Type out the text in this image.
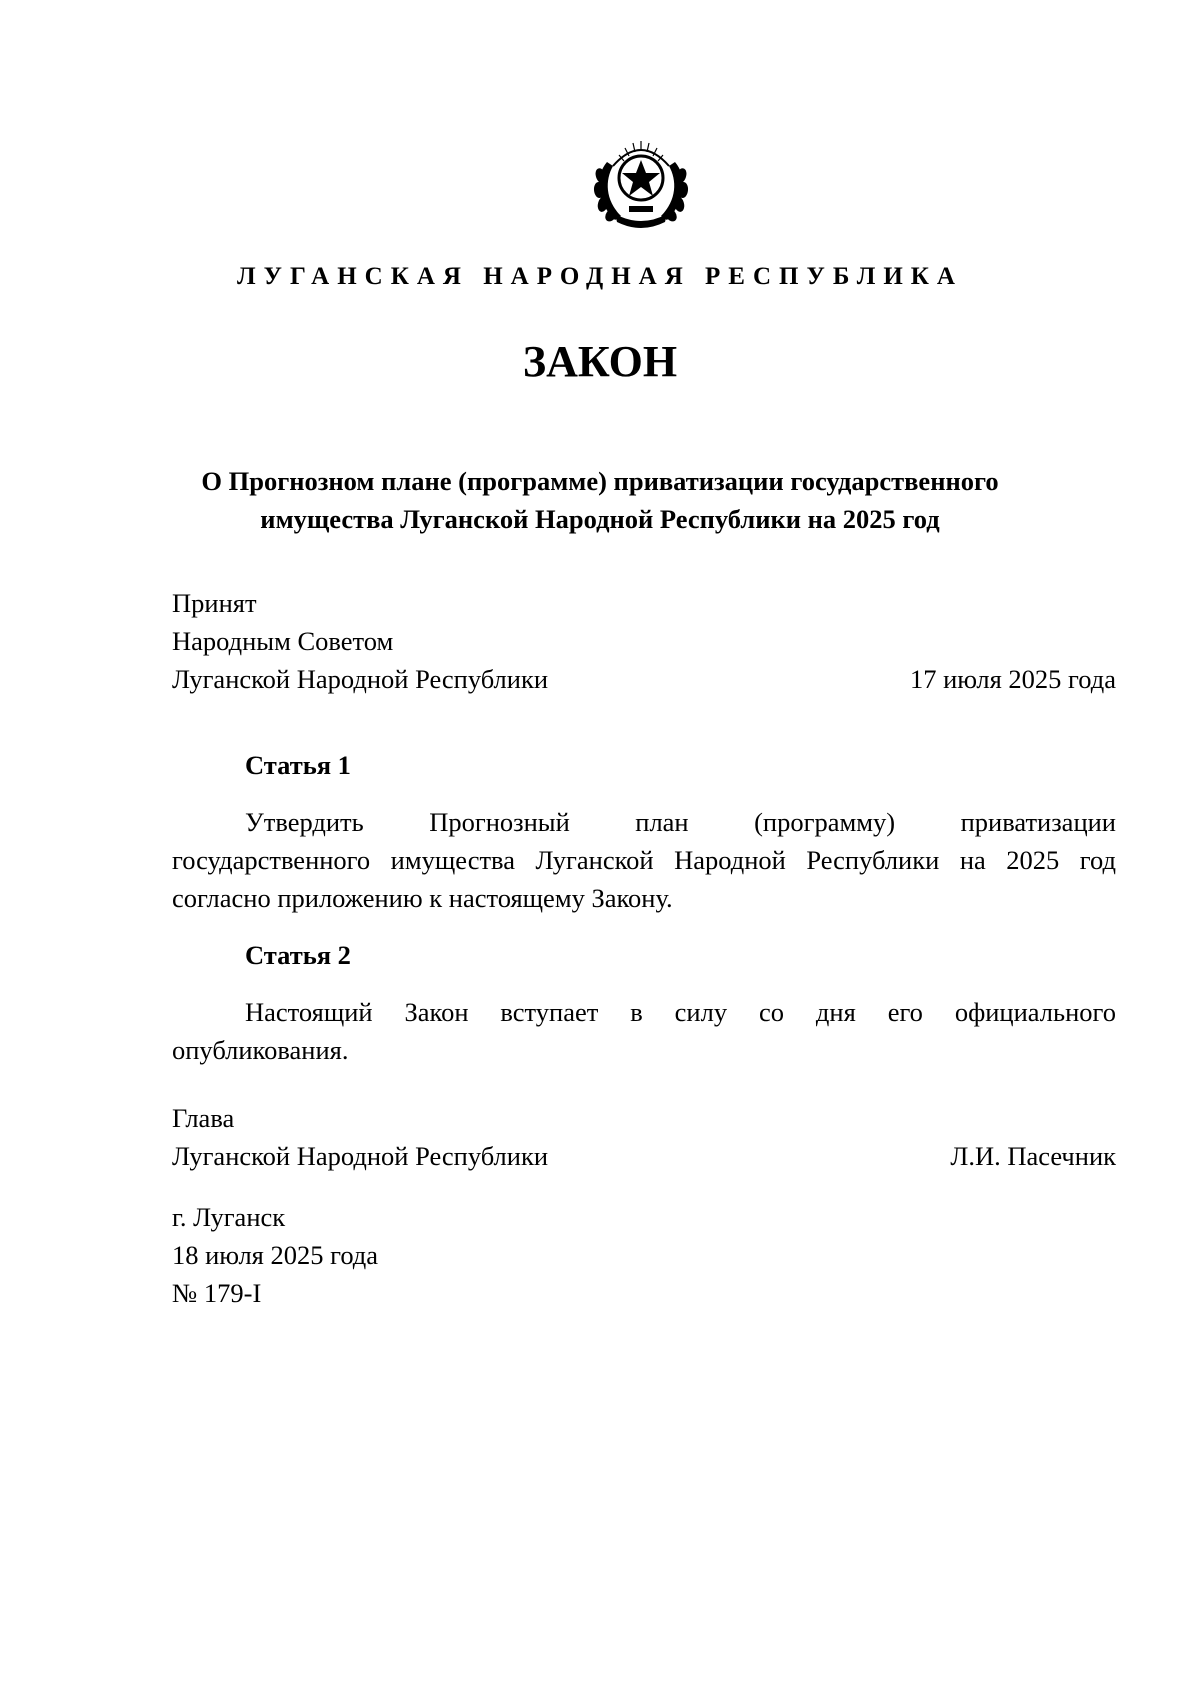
ЛУГАНСКАЯ НАРОДНАЯ РЕСПУБЛИКА
ЗАКОН
О Прогнозном плане (программе) приватизации государственного
имущества Луганской Народной Республики на 2025 год
Принят
Народным Советом
Луганской Народной Республики	17 июля 2025 года
Статья 1
Утвердить Прогнозный план (программу) приватизации
государственного имущества Луганской Народной Республики на 2025 год
согласно приложению к настоящему Закону.
Статья 2
Настоящий Закон вступает в силу со дня его официального
опубликования.
Глава
Луганской Народной Республики	Л.И. Пасечник
г. Луганск
18 июля 2025 года
№ 179-I
